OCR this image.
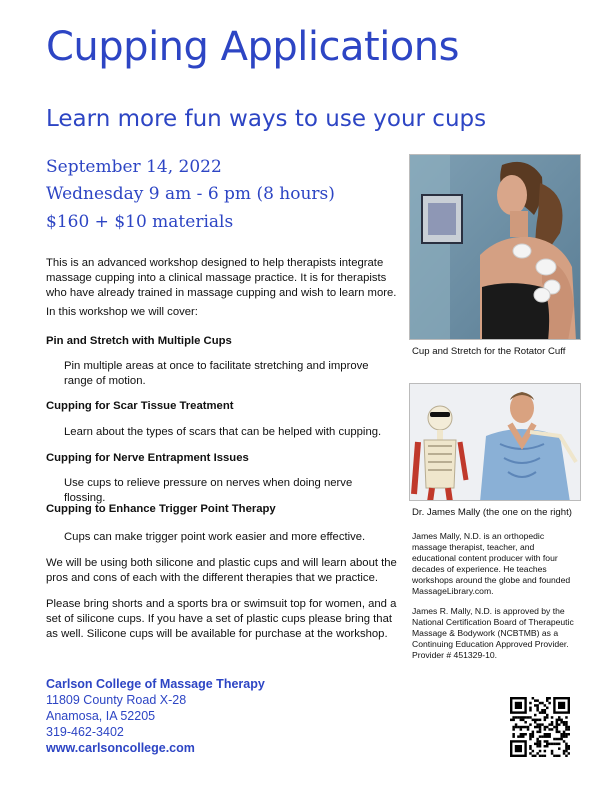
Cupping Applications
Learn more fun ways to use your cups
September 14, 2022
Wednesday 9 am - 6 pm (8 hours)
$160 + $10 materials
This is an advanced workshop designed to help therapists integrate massage cupping into a clinical massage practice. It is for therapists who have already trained in massage cupping and wish to learn more.
In this workshop we will cover:
Pin and Stretch with Multiple Cups
Pin multiple areas at once to facilitate stretching and improve range of motion.
Cupping for Scar Tissue Treatment
Learn about the types of scars that can be helped with cupping.
Cupping for Nerve Entrapment Issues
Use cups to relieve pressure on nerves when doing nerve flossing.
Cupping to Enhance Trigger Point Therapy
Cups can make trigger point work easier and more effective.
We will be using both silicone and plastic cups and will learn about the pros and cons of each with the different therapies that we practice.
Please bring shorts and a sports bra or swimsuit top for women, and a set of silicone cups. If you have a set of plastic cups please bring that as well. Silicone cups will be available for purchase at the workshop.
Cup and Stretch for the Rotator Cuff
Dr. James Mally (the one on the right)
James Mally, N.D. is an orthopedic massage therapist, teacher, and educational content producer with four decades of experience. He teaches workshops around the globe and founded MassageLibrary.com.
James R. Mally, N.D. is approved by the National Certification Board of Therapeutic Massage & Bodywork (NCBTMB) as a Continuing Education Approved Provider. Provider # 451329-10.
Carlson College of Massage Therapy
11809 County Road X-28
Anamosa, IA 52205
319-462-3402
www.carlsoncollege.com
